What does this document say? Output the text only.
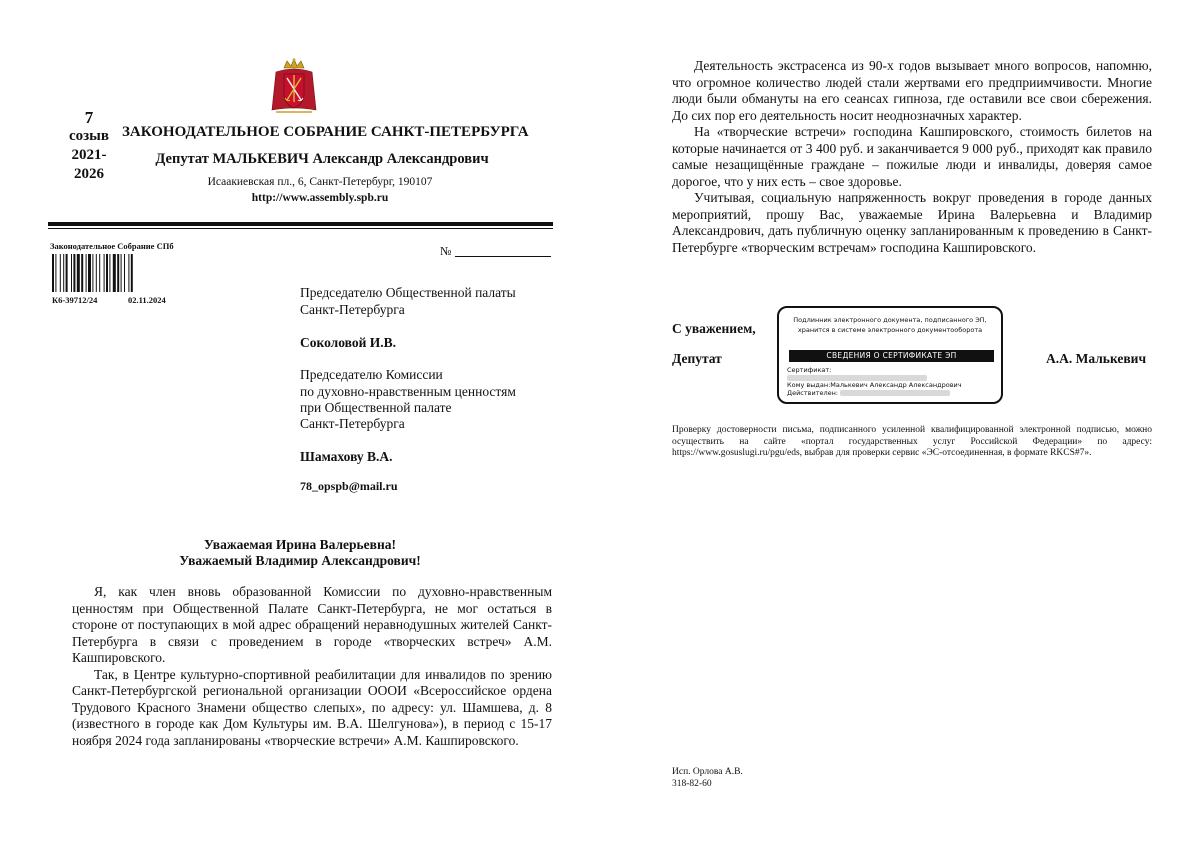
7
созыв
2021-
2026
ЗАКОНОДАТЕЛЬНОЕ СОБРАНИЕ САНКТ-ПЕТЕРБУРГА
Депутат МАЛЬКЕВИЧ Александр Александрович
Исаакиевская пл., 6, Санкт-Петербург, 190107
http://www.assembly.spb.ru
Законодательное Собрание СПб
К6-39712/24	02.11.2024
№
Председателю Общественной палаты
Санкт-Петербурга
Соколовой И.В.
Председателю Комиссии
по духовно-нравственным ценностям
при Общественной палате
Санкт-Петербурга
Шамахову В.А.
78_opspb@mail.ru
Уважаемая Ирина Валерьевна!
Уважаемый Владимир Александрович!

Я, как член вновь образованной Комиссии по духовно-нравственным ценностям при Общественной Палате Санкт-Петербурга, не мог остаться в стороне от поступающих в мой адрес обращений неравнодушных жителей Санкт-Петербурга в связи с проведением в городе «творческих встреч» А.М. Кашпировского.

Так, в Центре культурно-спортивной реабилитации для инвалидов по зрению Санкт-Петербургской региональной организации ОООИ «Всероссийское ордена Трудового Красного Знамени общество слепых», по адресу: ул. Шамшева, д. 8 (известного в городе как Дом Культуры им. В.А. Шелгунова»), в период с 15-17 ноября 2024 года запланированы «творческие встречи» А.М. Кашпировского.

Деятельность экстрасенса из 90-х годов вызывает много вопросов, напомню, что огромное количество людей стали жертвами его предприимчивости. Многие люди были обмануты на его сеансах гипноза, где оставили все свои сбережения. До сих пор его деятельность носит неоднозначных характер.

На «творческие встречи» господина Кашпировского, стоимость билетов на которые начинается от 3 400 руб. и заканчивается 9 000 руб., приходят как правило самые незащищённые граждане – пожилые люди и инвалиды, доверяя самое дорогое, что у них есть – свое здоровье.

Учитывая, социальную напряженность вокруг проведения в городе данных мероприятий, прошу Вас, уважаемые Ирина Валерьевна и Владимир Александрович, дать публичную оценку запланированным к проведению в Санкт-Петербурге «творческим встречам» господина Кашпировского.

С уважением,
Депутат	А.А. Малькевич
Подлинник электронного документа, подписанного ЭП,
хранится в системе электронного документооборота
СВЕДЕНИЯ О СЕРТИФИКАТЕ ЭП
Сертификат:
Кому выдан:Малькевич Александр Александрович
Действителен:
Проверку достоверности письма, подписанного усиленной квалифицированной электронной подписью, можно осуществить на сайте «портал государственных услуг Российской Федерации» по адресу: https://www.gosuslugi.ru/pgu/eds, выбрав для проверки сервис «ЭС-отсоединенная, в формате RKCS#7».
Исп. Орлова А.В.
318-82-60
